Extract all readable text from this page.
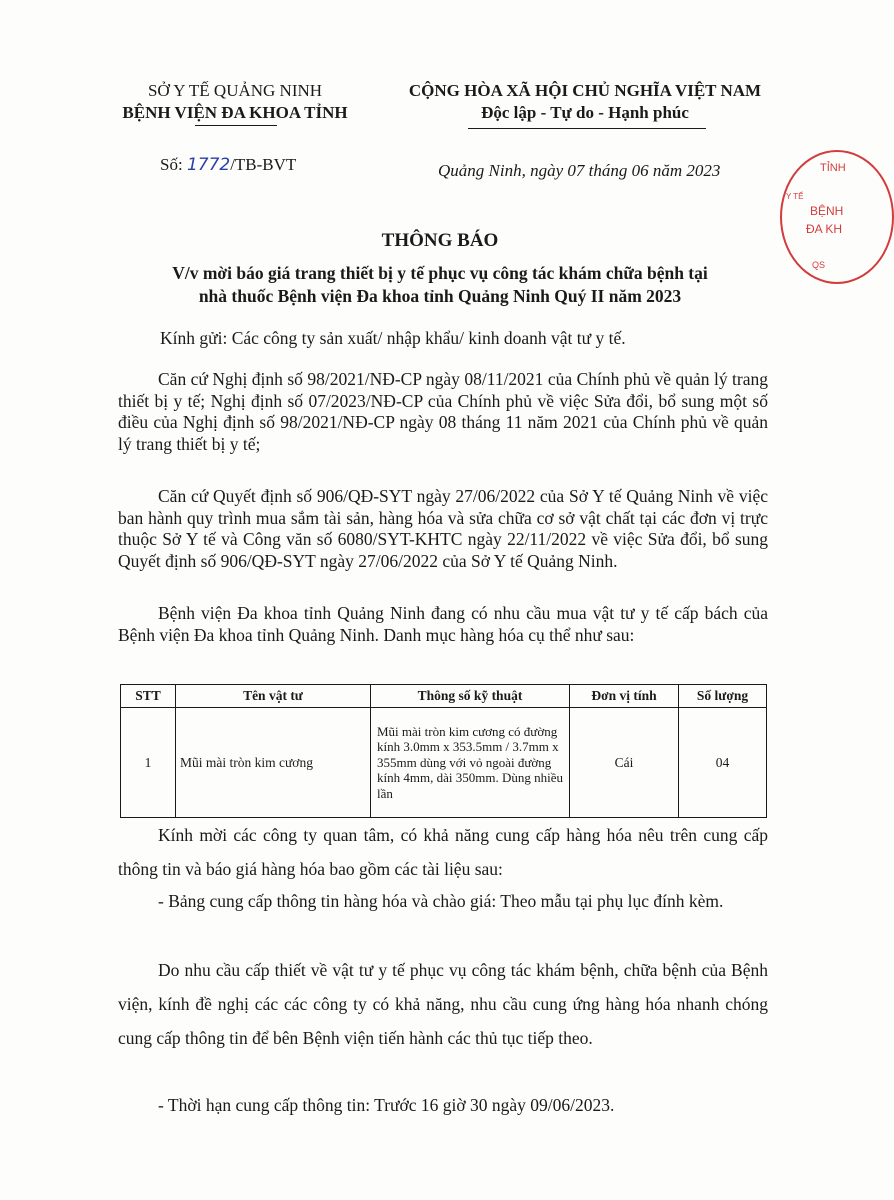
SỞ Y TẾ QUẢNG NINH
BỆNH VIỆN ĐA KHOA TỈNH
CỘNG HÒA XÃ HỘI CHỦ NGHĨA VIỆT NAM
Độc lập - Tự do - Hạnh phúc
Số: 1772/TB-BVT	Quảng Ninh, ngày 07 tháng 06 năm 2023	TỈNH
BỆNH
ĐA KH
Y TẾ
QS
THÔNG BÁO
V/v mời báo giá trang thiết bị y tế phục vụ công tác khám chữa bệnh tại
nhà thuốc Bệnh viện Đa khoa tỉnh Quảng Ninh Quý II năm 2023
Kính gửi: Các công ty sản xuất/ nhập khẩu/ kinh doanh vật tư y tế.
Căn cứ Nghị định số 98/2021/NĐ-CP ngày 08/11/2021 của Chính phủ về quản lý trang thiết bị y tế; Nghị định số 07/2023/NĐ-CP của Chính phủ về việc Sửa đổi, bổ sung một số điều của Nghị định số 98/2021/NĐ-CP ngày 08 tháng 11 năm 2021 của Chính phủ về quản lý trang thiết bị y tế;
Căn cứ Quyết định số 906/QĐ-SYT ngày 27/06/2022 của Sở Y tế Quảng Ninh về việc ban hành quy trình mua sắm tài sản, hàng hóa và sửa chữa cơ sở vật chất tại các đơn vị trực thuộc Sở Y tế và Công văn số 6080/SYT-KHTC ngày 22/11/2022 về việc Sửa đổi, bổ sung Quyết định số 906/QĐ-SYT ngày 27/06/2022 của Sở Y tế Quảng Ninh.
Bệnh viện Đa khoa tỉnh Quảng Ninh đang có nhu cầu mua vật tư y tế cấp bách của Bệnh viện Đa khoa tỉnh Quảng Ninh. Danh mục hàng hóa cụ thể như sau:
STT	Tên vật tư	Thông số kỹ thuật	Đơn vị tính	Số lượng
1	Mũi mài tròn kim cương	Mũi mài tròn kim cương có đường kính 3.0mm x 353.5mm / 3.7mm x 355mm dùng với vỏ ngoài đường kính 4mm, dài 350mm. Dùng nhiều lần	Cái	04
Kính mời các công ty quan tâm, có khả năng cung cấp hàng hóa nêu trên cung cấp thông tin và báo giá hàng hóa bao gồm các tài liệu sau:
- Bảng cung cấp thông tin hàng hóa và chào giá: Theo mẫu tại phụ lục đính kèm.
Do nhu cầu cấp thiết về vật tư y tế phục vụ công tác khám bệnh, chữa bệnh của Bệnh viện, kính đề nghị các các công ty có khả năng, nhu cầu cung ứng hàng hóa nhanh chóng cung cấp thông tin để bên Bệnh viện tiến hành các thủ tục tiếp theo.
- Thời hạn cung cấp thông tin: Trước 16 giờ 30 ngày 09/06/2023.
